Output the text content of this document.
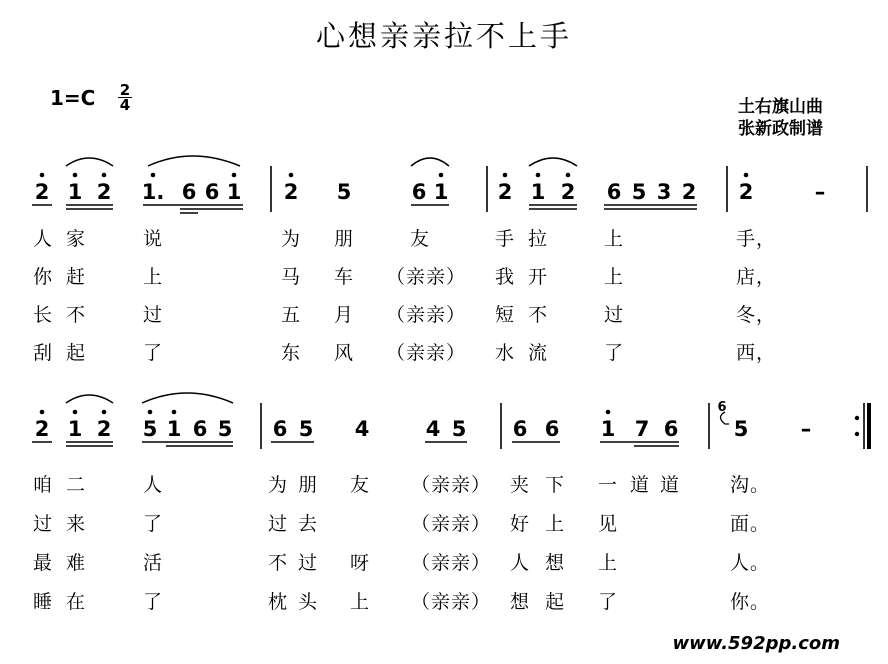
心想亲亲拉不上手
1=C 2
4	土右旗山曲
张新政制谱
2 1 2 1. 6 6 1 2 5	6 1 2 1 2 6 5 3 2 2	–
2 1 2 5 1 6 5 6 5 4	4 5 6 6 1 7 6
6
5 –
人 家	说	为 朋	友	手 拉	上	手，
你 赶	上	马 车 （亲亲） 我 开	上	店，
长 不	过	五 月 （亲亲） 短 不	过	冬，
刮 起	了	东 风 （亲亲） 水 流	了	西，
咱 二	人	为 朋 友 （亲亲） 夹 下 一 道 道	沟。
过 来	了	过 去	（亲亲） 好 上 见	面。
最 难	活	不 过 呀 （亲亲） 人 想 上	人。
睡 在	了	枕 头 上 （亲亲） 想 起 了	你。
www.592pp.com
